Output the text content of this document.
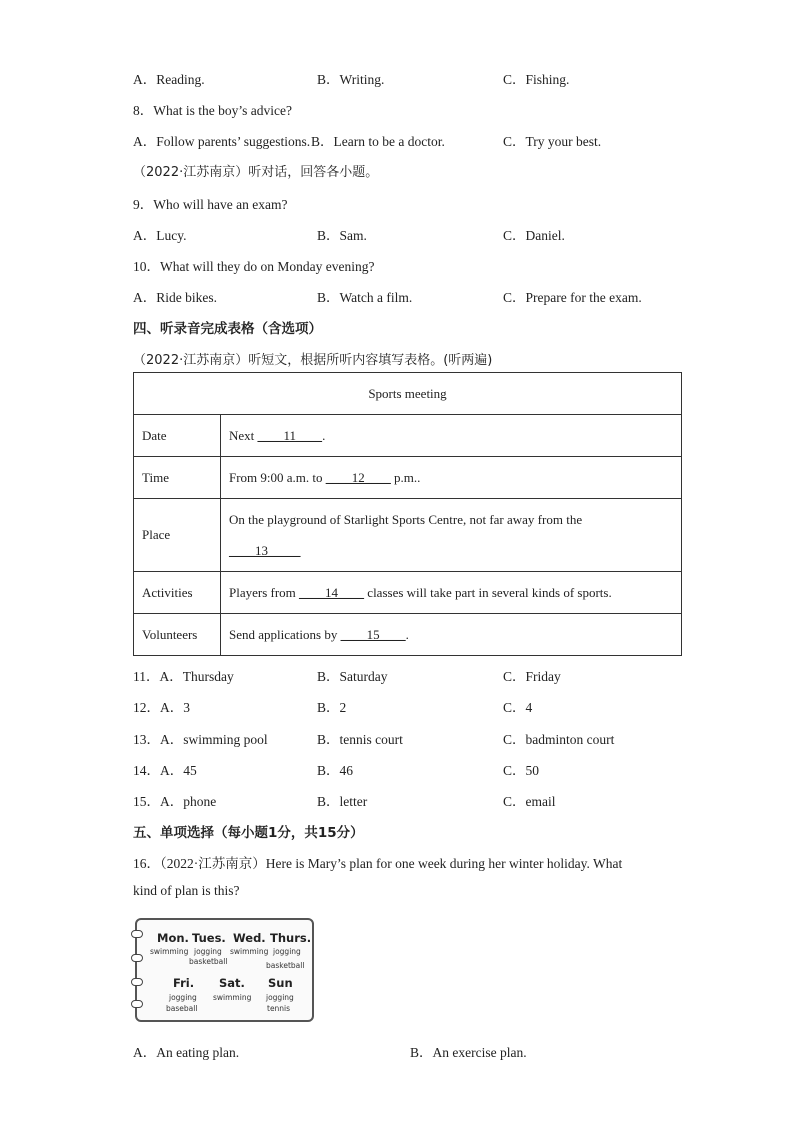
A．Reading.	B．Writing.	C．Fishing.
8．What is the boy’s advice?
A．Follow parents’ suggestions. B．Learn to be a doctor.	C．Try your best.
（2022·江苏南京）听对话，回答各小题。
9．Who will have an exam?
A．Lucy.	B．Sam.	C．Daniel.
10．What will they do on Monday evening?
A．Ride bikes.	B．Watch a film.	C．Prepare for the exam.
四、听录音完成表格（含选项）
（2022·江苏南京）听短文，根据所听内容填写表格。(听两遍)
Sports meeting	
Date	Next ____11____.
Time	From 9:00 a.m. to ____12____ p.m..
Place	On the playground of Starlight Sports Centre, not far away from the
____13_____
Activities	Players from ____14____ classes will take part in several kinds of sports.
Volunteers	Send applications by ____15____.
11．A．Thursday	B．Saturday	C．Friday
12．A．3	B．2	C．4
13．A．swimming pool	B．tennis court	C．badminton court
14．A．45	B．46	C．50
15．A．phone	B．letter	C．email
五、单项选择（每小题1分，共15分）
16．（2022·江苏南京）Here is Mary’s plan for one week during her winter holiday. What
kind of plan is this?
Mon.
swimming
Tues.
jogging
basketball
Wed.
swimming
Thurs.
jogging
basketball
Fri.
jogging
baseball
Sat.
swimming
Sun
jogging
tennis
A．An eating plan.	B．An exercise plan.
